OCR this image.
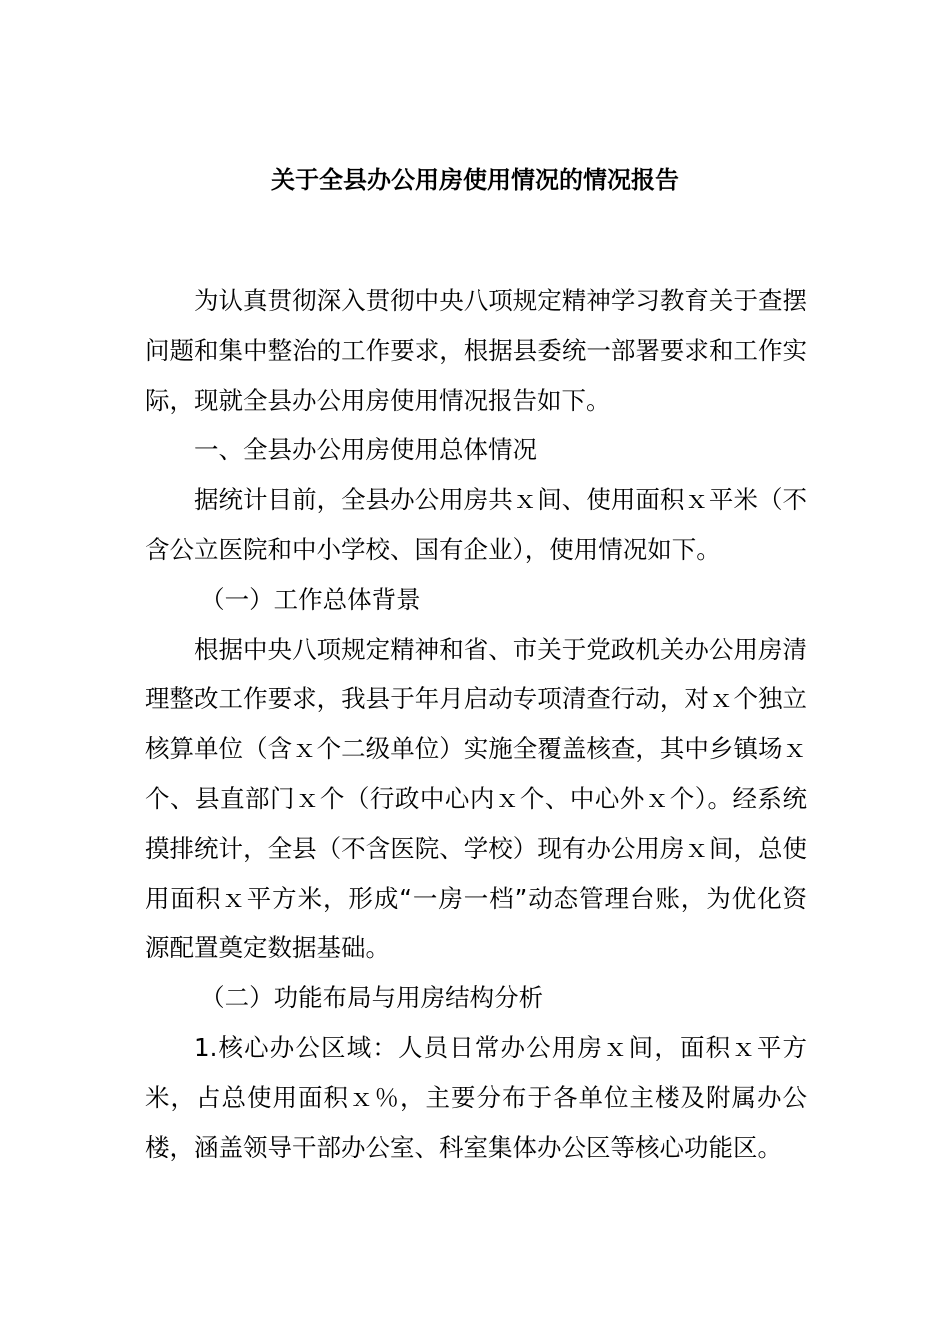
关于全县办公用房使用情况的情况报告

为认真贯彻深入贯彻中央八项规定精神学习教育关于查摆问题和集中整治的工作要求，根据县委统一部署要求和工作实际，现就全县办公用房使用情况报告如下。

一、全县办公用房使用总体情况

据统计目前，全县办公用房共ｘ间、使用面积ｘ平米（不含公立医院和中小学校、国有企业），使用情况如下。

（一）工作总体背景

根据中央八项规定精神和省、市关于党政机关办公用房清理整改工作要求，我县于年月启动专项清查行动，对ｘ个独立核算单位（含ｘ个二级单位）实施全覆盖核查，其中乡镇场ｘ个、县直部门ｘ个（行政中心内ｘ个、中心外ｘ个）。经系统摸排统计，全县（不含医院、学校）现有办公用房ｘ间，总使用面积ｘ平方米，形成“一房一档”动态管理台账，为优化资源配置奠定数据基础。

（二）功能布局与用房结构分析

1.核心办公区域：人员日常办公用房ｘ间，面积ｘ平方米，占总使用面积ｘ％，主要分布于各单位主楼及附属办公楼，涵盖领导干部办公室、科室集体办公区等核心功能区。
